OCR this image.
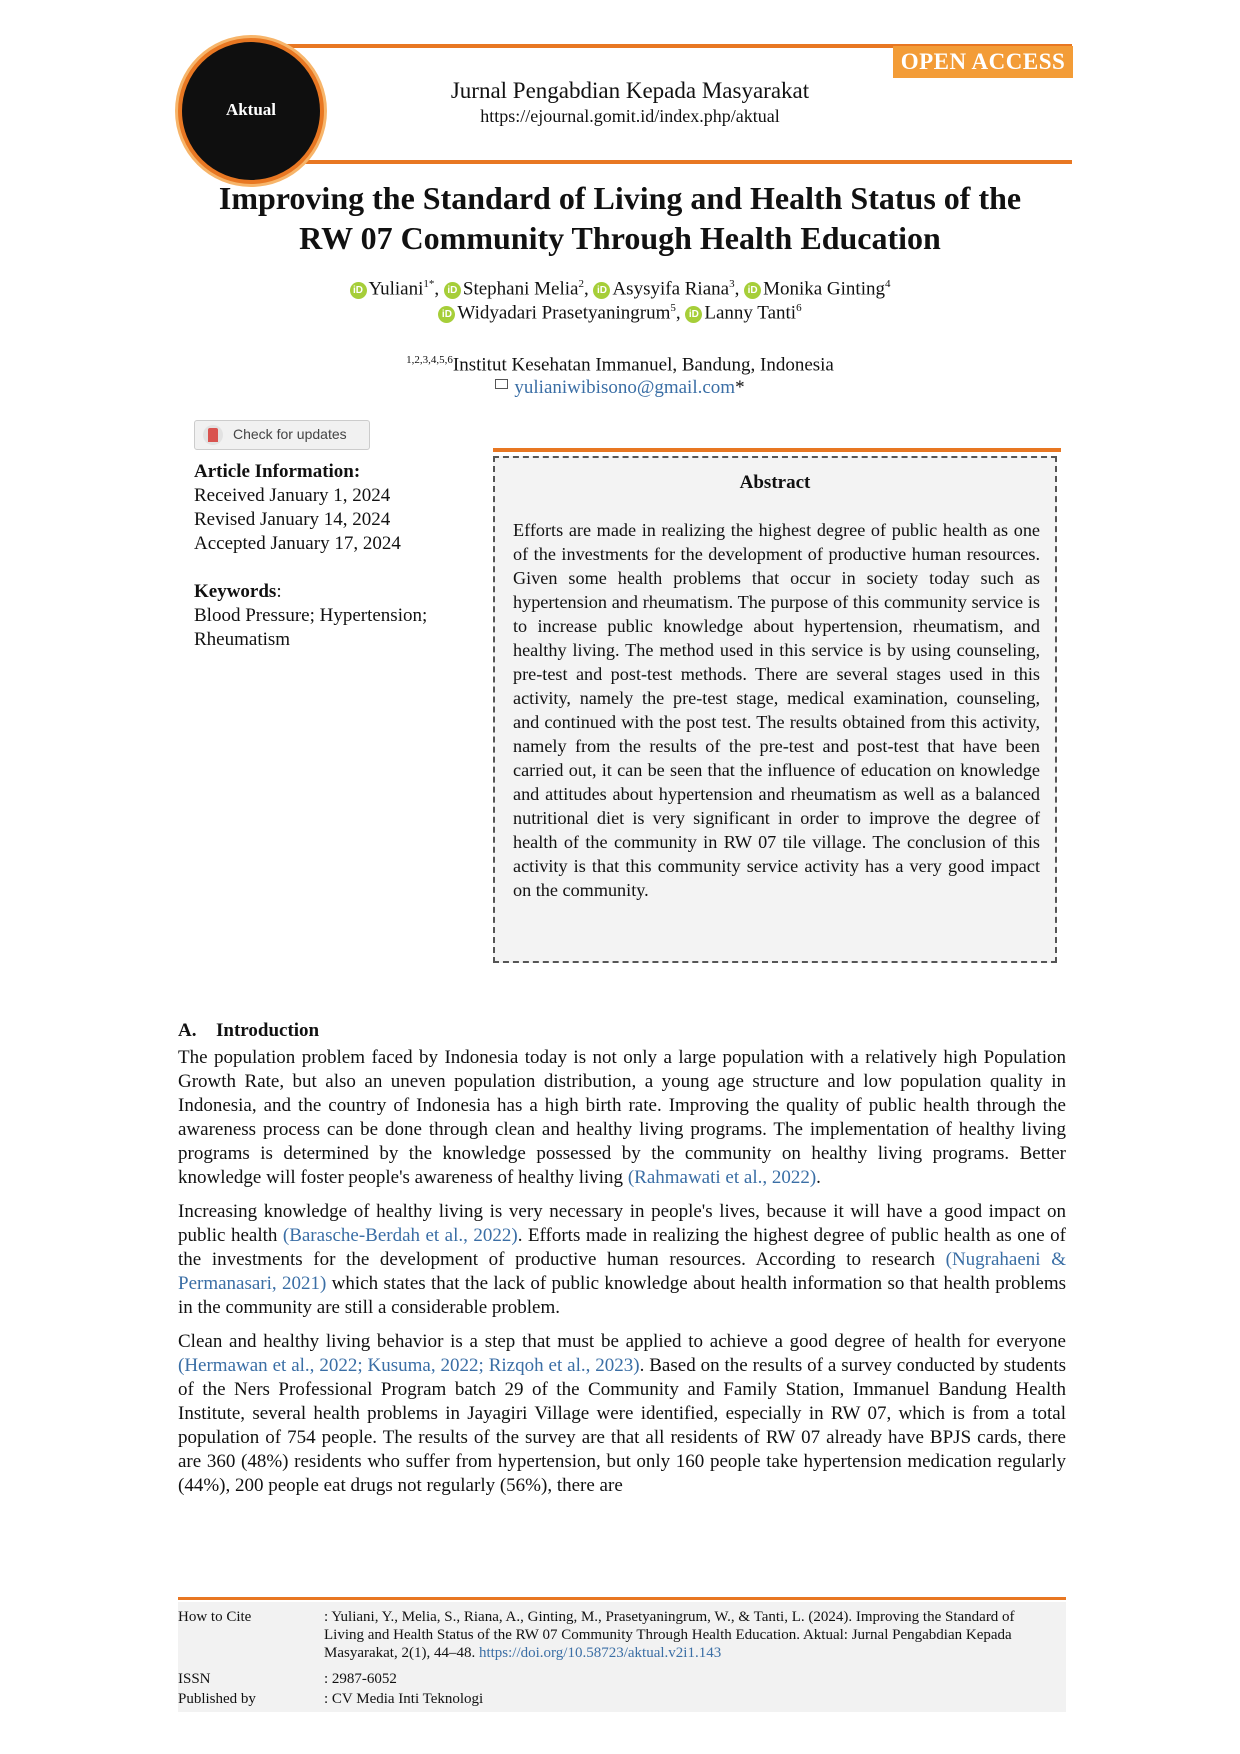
OPEN ACCESS
Aktual
Jurnal Pengabdian Kepada Masyarakat
https://ejournal.gomit.id/index.php/aktual
Improving the Standard of Living and Health Status of the
RW 07 Community Through Health Education
iD Yuliani$^{1*}$, iD Stephani Melia$^2$, iD Asysyifa Riana$^3$, iD Monika Ginting$^4$
iD Widyadari Prasetyaningrum$^5$, iD Lanny Tanti$^6$
$^{1,2,3,4,5,6}$Institut Kesehatan Immanuel, Bandung, Indonesia
yulianiwibisono@gmail.com*
Check for updates
Article Information:
Received January 1, 2024
Revised January 14, 2024
Accepted January 17, 2024
Keywords:
Blood Pressure; Hypertension;
Rheumatism
Abstract
Efforts are made in realizing the highest degree of public health as one of the investments for the development of productive human resources. Given some health problems that occur in society today such as hypertension and rheumatism. The purpose of this community service is to increase public knowledge about hypertension, rheumatism, and healthy living. The method used in this service is by using counseling, pre-test and post-test methods. There are several stages used in this activity, namely the pre-test stage, medical examination, counseling, and continued with the post test. The results obtained from this activity, namely from the results of the pre-test and post-test that have been carried out, it can be seen that the influence of education on knowledge and attitudes about hypertension and rheumatism as well as a balanced nutritional diet is very significant in order to improve the degree of health of the community in RW 07 tile village. The conclusion of this activity is that this community service activity has a very good impact on the community.
A. Introduction

The population problem faced by Indonesia today is not only a large population with a relatively high Population Growth Rate, but also an uneven population distribution, a young age structure and low population quality in Indonesia, and the country of Indonesia has a high birth rate. Improving the quality of public health through the awareness process can be done through clean and healthy living programs. The implementation of healthy living programs is determined by the knowledge possessed by the community on healthy living programs. Better knowledge will foster people's awareness of healthy living (Rahmawati et al., 2022).

Increasing knowledge of healthy living is very necessary in people's lives, because it will have a good impact on public health (Barasche-Berdah et al., 2022). Efforts made in realizing the highest degree of public health as one of the investments for the development of productive human resources. According to research (Nugrahaeni & Permanasari, 2021) which states that the lack of public knowledge about health information so that health problems in the community are still a considerable problem.

Clean and healthy living behavior is a step that must be applied to achieve a good degree of health for everyone (Hermawan et al., 2022; Kusuma, 2022; Rizqoh et al., 2023). Based on the results of a survey conducted by students of the Ners Professional Program batch 29 of the Community and Family Station, Immanuel Bandung Health Institute, several health problems in Jayagiri Village were identified, especially in RW 07, which is from a total population of 754 people. The results of the survey are that all residents of RW 07 already have BPJS cards, there are 360 (48%) residents who suffer from hypertension, but only 160 people take hypertension medication regularly (44%), 200 people eat drugs not regularly (56%), there are

How to Cite	: Yuliani, Y., Melia, S., Riana, A., Ginting, M., Prasetyaningrum, W., & Tanti, L. (2024). Improving the Standard of Living and Health Status of the RW 07 Community Through Health Education. Aktual: Jurnal Pengabdian Kepada Masyarakat, 2(1), 44–48. https://doi.org/10.58723/aktual.v2i1.143
ISSN	: 2987-6052
Published by	: CV Media Inti Teknologi
